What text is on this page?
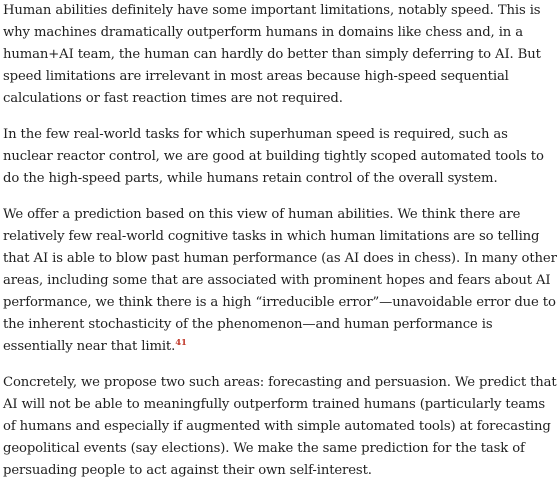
Human abilities definitely have some important limitations, notably speed. This is
why machines dramatically outperform humans in domains like chess and, in a
human+AI team, the human can hardly do better than simply deferring to AI. But
speed limitations are irrelevant in most areas because high-speed sequential
calculations or fast reaction times are not required.

In the few real-world tasks for which superhuman speed is required, such as
nuclear reactor control, we are good at building tightly scoped automated tools to
do the high-speed parts, while humans retain control of the overall system.

We offer a prediction based on this view of human abilities. We think there are
relatively few real-world cognitive tasks in which human limitations are so telling
that AI is able to blow past human performance (as AI does in chess). In many other
areas, including some that are associated with prominent hopes and fears about AI
performance, we think there is a high “irreducible error”—unavoidable error due to
the inherent stochasticity of the phenomenon—and human performance is
essentially near that limit.$^{41}$

Concretely, we propose two such areas: forecasting and persuasion. We predict that
AI will not be able to meaningfully outperform trained humans (particularly teams
of humans and especially if augmented with simple automated tools) at forecasting
geopolitical events (say elections). We make the same prediction for the task of
persuading people to act against their own self-interest.
